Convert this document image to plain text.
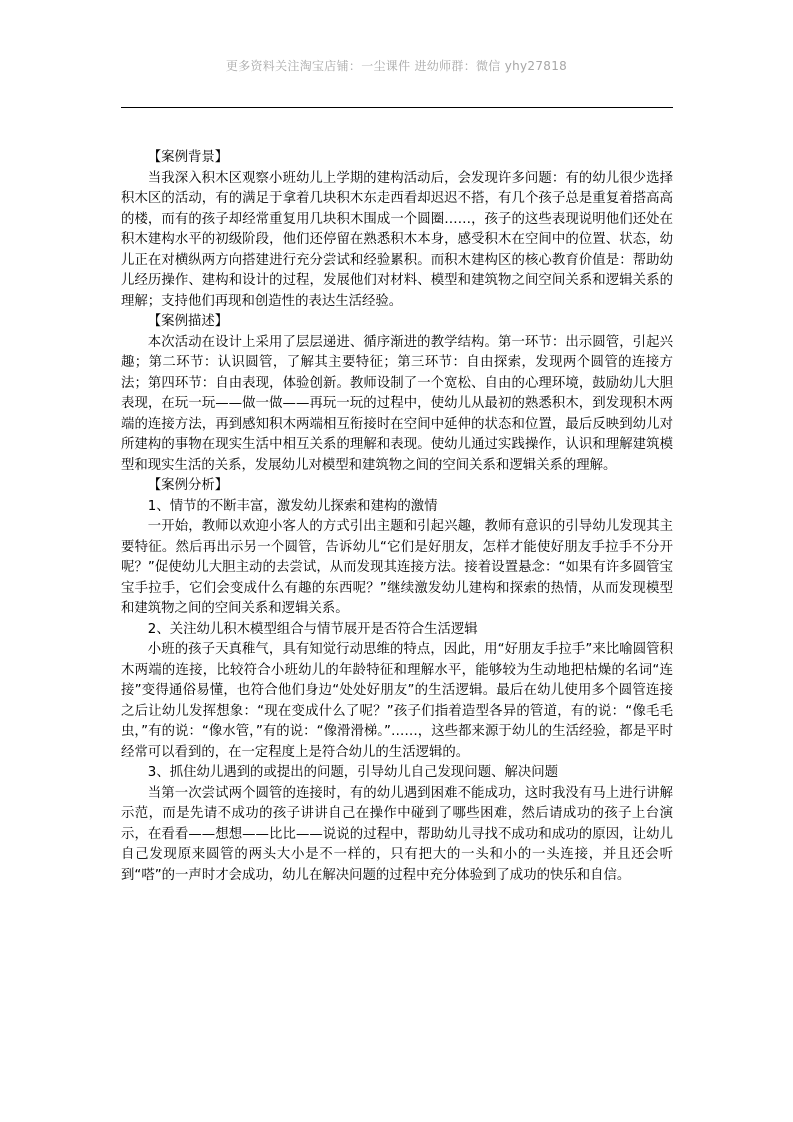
更多资料关注淘宝店铺：一尘课件 进幼师群：微信 yhy27818

【案例背景】

当我深入积木区观察小班幼儿上学期的建构活动后，会发现许多问题：有的幼儿很少选择积木区的活动，有的满足于拿着几块积木东走西看却迟迟不搭，有几个孩子总是重复着搭高高的楼，而有的孩子却经常重复用几块积木围成一个圆圈……，孩子的这些表现说明他们还处在积木建构水平的初级阶段，他们还停留在熟悉积木本身，感受积木在空间中的位置、状态，幼儿正在对横纵两方向搭建进行充分尝试和经验累积。而积木建构区的核心教育价值是：帮助幼儿经历操作、建构和设计的过程，发展他们对材料、模型和建筑物之间空间关系和逻辑关系的理解；支持他们再现和创造性的表达生活经验。

【案例描述】

本次活动在设计上采用了层层递进、循序渐进的教学结构。第一环节：出示圆管，引起兴趣；第二环节：认识圆管，了解其主要特征；第三环节：自由探索，发现两个圆管的连接方法；第四环节：自由表现，体验创新。教师设制了一个宽松、自由的心理环境，鼓励幼儿大胆表现，在玩一玩——做一做——再玩一玩的过程中，使幼儿从最初的熟悉积木，到发现积木两端的连接方法，再到感知积木两端相互衔接时在空间中延伸的状态和位置，最后反映到幼儿对所建构的事物在现实生活中相互关系的理解和表现。使幼儿通过实践操作，认识和理解建筑模型和现实生活的关系，发展幼儿对模型和建筑物之间的空间关系和逻辑关系的理解。

【案例分析】

1、情节的不断丰富，激发幼儿探索和建构的激情

一开始，教师以欢迎小客人的方式引出主题和引起兴趣，教师有意识的引导幼儿发现其主要特征。然后再出示另一个圆管，告诉幼儿“它们是好朋友，怎样才能使好朋友手拉手不分开呢？”促使幼儿大胆主动的去尝试，从而发现其连接方法。接着设置悬念：“如果有许多圆管宝宝手拉手，它们会变成什么有趣的东西呢？”继续激发幼儿建构和探索的热情，从而发现模型和建筑物之间的空间关系和逻辑关系。

2、关注幼儿积木模型组合与情节展开是否符合生活逻辑

小班的孩子天真稚气，具有知觉行动思维的特点，因此，用“好朋友手拉手”来比喻圆管积木两端的连接，比较符合小班幼儿的年龄特征和理解水平，能够较为生动地把枯燥的名词“连接”变得通俗易懂，也符合他们身边“处处好朋友”的生活逻辑。最后在幼儿使用多个圆管连接之后让幼儿发挥想象：“现在变成什么了呢？”孩子们指着造型各异的管道，有的说：“像毛毛虫，”有的说：“像水管，”有的说：“像滑滑梯。”……，这些都来源于幼儿的生活经验，都是平时经常可以看到的，在一定程度上是符合幼儿的生活逻辑的。

3、抓住幼儿遇到的或提出的问题，引导幼儿自己发现问题、解决问题

当第一次尝试两个圆管的连接时，有的幼儿遇到困难不能成功，这时我没有马上进行讲解示范，而是先请不成功的孩子讲讲自己在操作中碰到了哪些困难，然后请成功的孩子上台演示，在看看——想想——比比——说说的过程中，帮助幼儿寻找不成功和成功的原因，让幼儿自己发现原来圆管的两头大小是不一样的，只有把大的一头和小的一头连接，并且还会听到“嗒”的一声时才会成功，幼儿在解决问题的过程中充分体验到了成功的快乐和自信。
